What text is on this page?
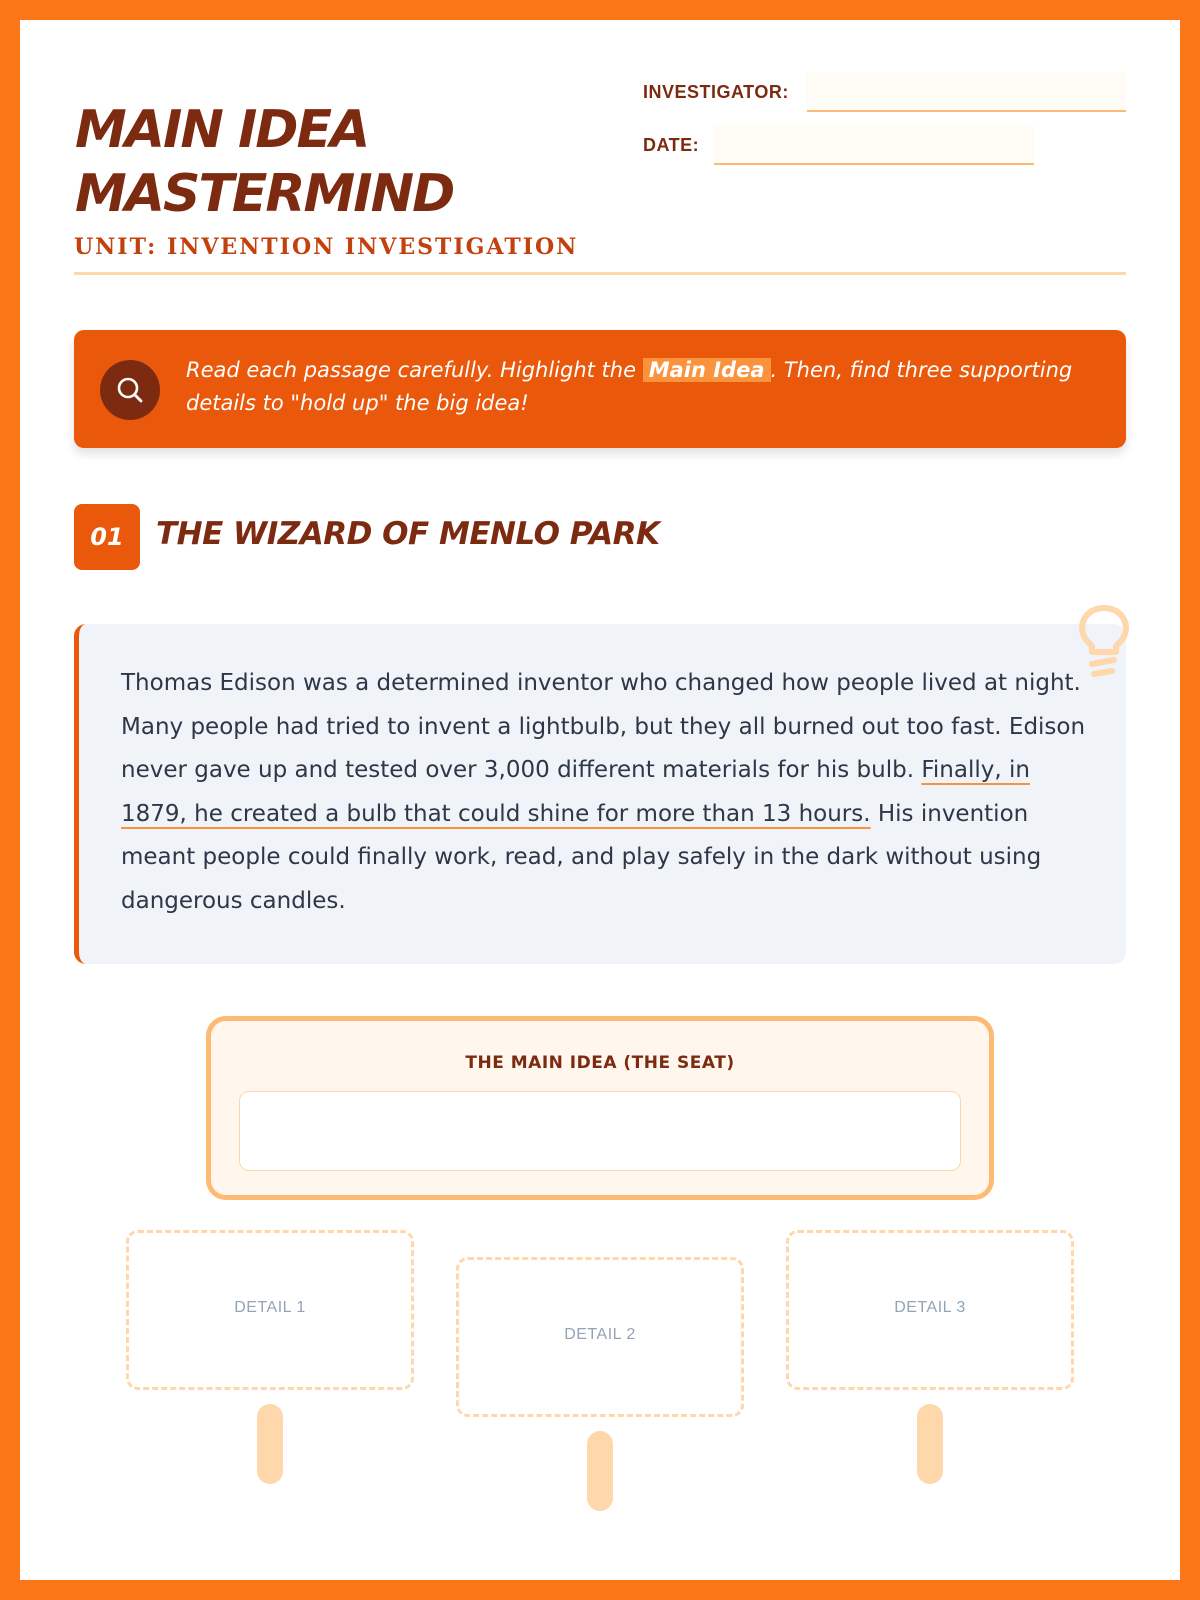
MAIN IDEA
MASTERMIND
UNIT: INVENTION INVESTIGATION
INVESTIGATOR:
DATE:
Read each passage carefully. Highlight the Main Idea . Then, find three supporting details to "hold up" the big idea!
01	THE WIZARD OF MENLO PARK
Thomas Edison was a determined inventor who changed how people lived at night. Many people had tried to invent a lightbulb, but they all burned out too fast. Edison never gave up and tested over 3,000 different materials for his bulb. Finally, in 1879, he created a bulb that could shine for more than 13 hours. His invention meant people could finally work, read, and play safely in the dark without using dangerous candles.
THE MAIN IDEA (THE SEAT)
DETAIL 1
DETAIL 2
DETAIL 3
